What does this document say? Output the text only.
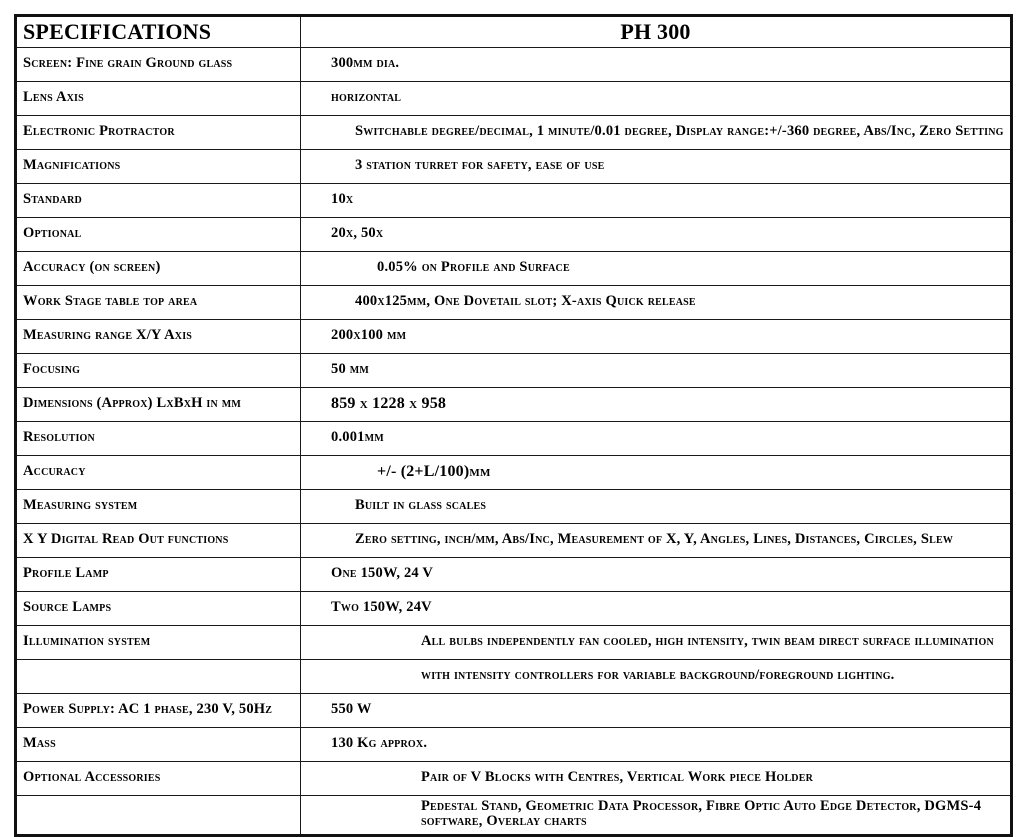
SPECIFICATIONS	PH 300
Screen: Fine grain Ground glass	300mm dia.
Lens Axis	horizontal
Electronic Protractor	Switchable degree/decimal, 1 minute/0.01 degree, Display range:+/-360 degree, Abs/Inc, Zero Setting
Magnifications	3 station turret for safety, ease of use
Standard	10x
Optional	20x, 50x
Accuracy (on screen)	0.05% on Profile and Surface
Work Stage table top area	400x125mm, One Dovetail slot; X-axis Quick release
Measuring range X/Y Axis	200x100 mm
Focusing	50 mm
Dimensions (Approx) LxBxH in mm	859 x 1228 x 958
Resolution	0.001mm
Accuracy	+/- (2+L/100)µm
Measuring system	Built in glass scales
X Y Digital Read Out functions	Zero setting, inch/mm, Abs/Inc, Measurement of X, Y, Angles, Lines, Distances, Circles, Slew
Profile Lamp	One 150W, 24 V
Source Lamps	Two 150W, 24V
Illumination system	All bulbs independently fan cooled, high intensity, twin beam direct surface illumination
	with intensity controllers for variable background/foreground lighting.
Power Supply: AC 1 phase, 230 V, 50Hz	550 W
Mass	130 Kg approx.
Optional Accessories	Pair of V Blocks with Centres, Vertical Work piece Holder
	Pedestal Stand, Geometric Data Processor, Fibre Optic Auto Edge Detector, DGMS-4 software, Overlay charts
